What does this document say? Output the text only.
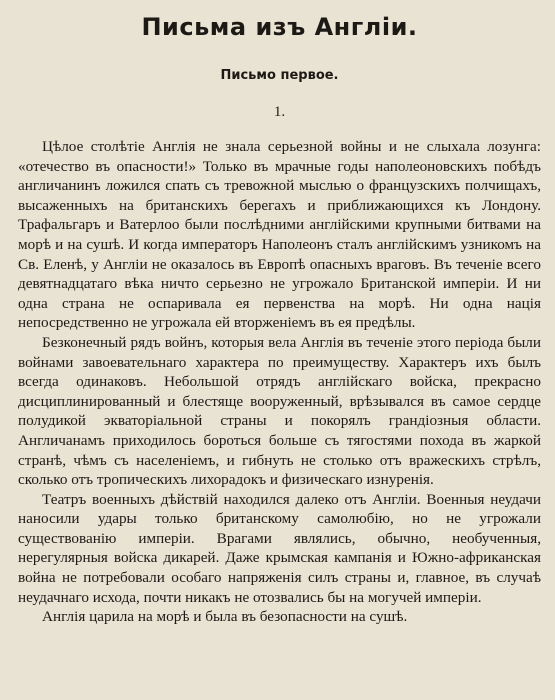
Письма изъ Англіи.
Письмо первое.
1.

Цѣлое столѣтіе Англія не знала серьезной войны и не слыхала лозунга: «отечество въ опасности!» Только въ мрачные годы наполеоновскихъ побѣдъ англичанинъ ложился спать съ тревожной мыслью о французскихъ полчищахъ, высаженныхъ на британскихъ берегахъ и приближающихся къ Лондону. Трафальгаръ и Ватерлоо были послѣдними англійскими крупными битвами на морѣ и на сушѣ. И когда императоръ Наполеонъ сталъ англійскимъ узникомъ на Св. Еленѣ, у Англіи не оказалось въ Европѣ опасныхъ враговъ. Въ теченіе всего девятнадцатаго вѣка ничто серьезно не угрожало Британской имперіи. И ни одна страна не оспаривала ея первенства на морѣ. Ни одна нація непосредственно не угрожала ей вторженіемъ въ ея предѣлы.

Безконечный рядъ войнъ, которыя вела Англія въ теченіе этого періода были войнами завоевательнаго характера по преимуществу. Характеръ ихъ былъ всегда одинаковъ. Небольшой отрядъ англійскаго войска, прекрасно дисциплинированный и блестяще вооруженный, врѣзывался въ самое сердце полудикой экваторіальной страны и покорялъ грандіозныя области. Англичанамъ приходилось бороться больше съ тягостями похода въ жаркой странѣ, чѣмъ съ населеніемъ, и гибнуть не столько отъ вражескихъ стрѣлъ, сколько отъ тропическихъ лихорадокъ и физическаго изнуренія.

Театръ военныхъ дѣйствій находился далеко отъ Англіи. Военныя неудачи наносили удары только британскому самолюбію, но не угрожали существованію имперіи. Врагами являлись, обычно, необученныя, нерегулярныя войска дикарей. Даже крымская кампанія и Южно-африканская война не потребовали особаго напряженія силъ страны и, главное, въ случаѣ неудачнаго исхода, почти никакъ не отозвались бы на могучей имперіи.

Англія царила на морѣ и была въ безопасности на сушѣ.
